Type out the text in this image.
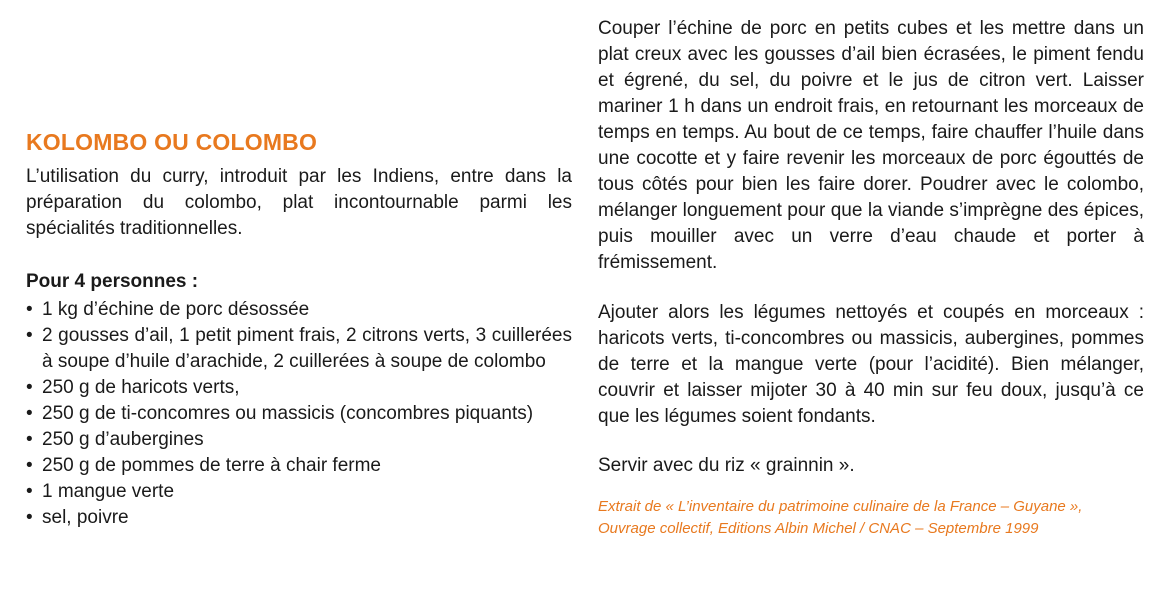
KOLOMBO OU COLOMBO

L’utilisation du curry, introduit par les Indiens, entre dans la préparation du colombo, plat incontournable parmi les spécialités traditionnelles.

Pour 4 personnes :
• 1 kg d’échine de porc désossée
• 2 gousses d’ail, 1 petit piment frais, 2 citrons verts, 3 cuillerées à soupe d’huile d’arachide, 2 cuillerées à soupe de colombo
• 250 g de haricots verts,
• 250 g de ti-concomres ou massicis (concombres piquants)
• 250 g d’aubergines
• 250 g de pommes de terre à chair ferme
• 1 mangue verte
• sel, poivre

Couper l’échine de porc en petits cubes et les mettre dans un plat creux avec les gousses d’ail bien écrasées, le piment fendu et égrené, du sel, du poivre et le jus de citron vert. Laisser mariner 1 h dans un endroit frais, en retournant les morceaux de temps en temps. Au bout de ce temps, faire chauffer l’huile dans une cocotte et y faire revenir les morceaux de porc égouttés de tous côtés pour bien les faire dorer. Poudrer avec le colombo, mélanger longuement pour que la viande s’imprègne des épices, puis mouiller avec un verre d’eau chaude et porter à frémissement.

Ajouter alors les légumes nettoyés et coupés en morceaux : haricots verts, ti-concombres ou massicis, aubergines, pommes de terre et la mangue verte (pour l’acidité). Bien mélanger, couvrir et laisser mijoter 30 à 40 min sur feu doux, jusqu’à ce que les légumes soient fondants.

Servir avec du riz « grainnin ».

Extrait de « L’inventaire du patrimoine culinaire de la France – Guyane », Ouvrage collectif, Editions Albin Michel / CNAC – Septembre 1999
